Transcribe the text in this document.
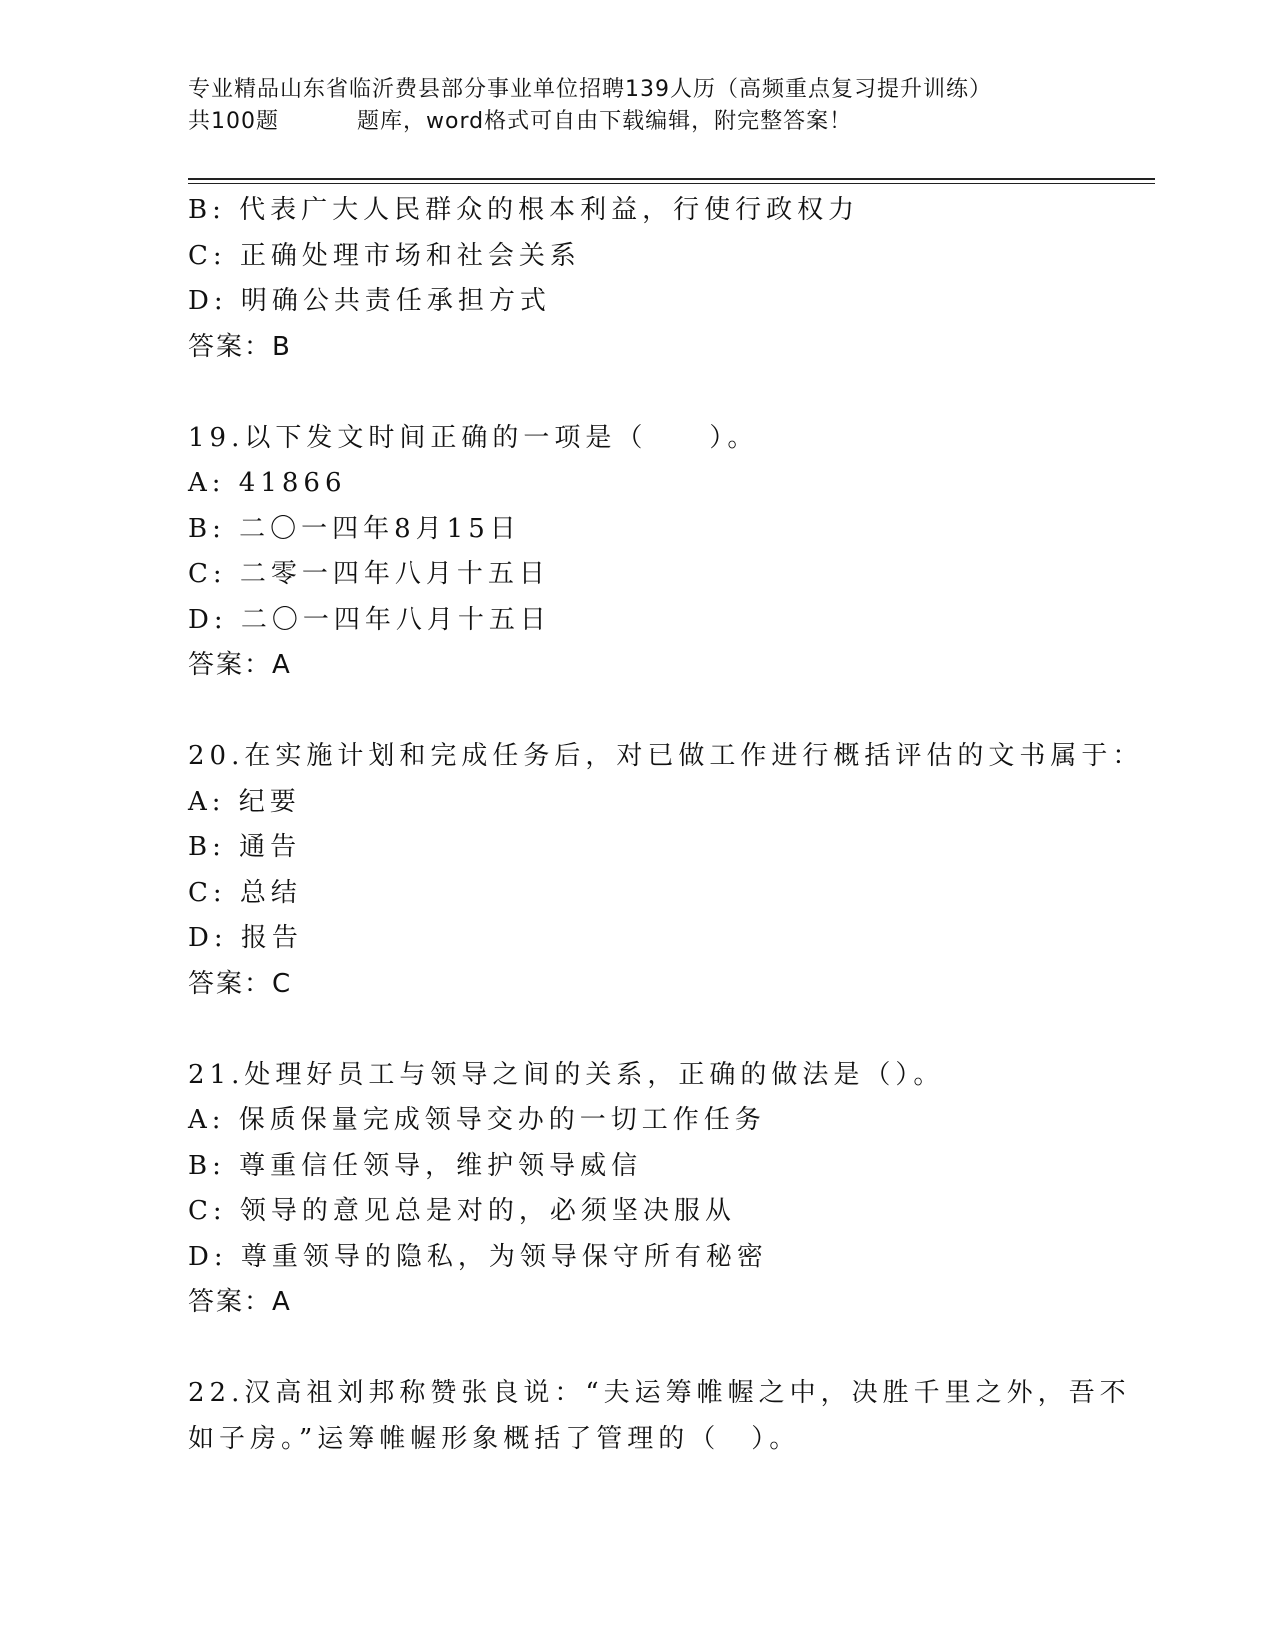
专业精品山东省临沂费县部分事业单位招聘139人历（高频重点复习提升训练）
共100题	题库，word格式可自由下载编辑，附完整答案！
B: 代表广大人民群众的根本利益，行使行政权力
C: 正确处理市场和社会关系
D: 明确公共责任承担方式
答案：B
19.以下发文时间正确的一项是（　　）。
A: 41866
B: 二〇一四年8月15日
C: 二零一四年八月十五日
D: 二〇一四年八月十五日
答案：A
20.在实施计划和完成任务后，对已做工作进行概括评估的文书属于：
A: 纪要
B: 通告
C: 总结
D: 报告
答案：C
21.处理好员工与领导之间的关系，正确的做法是（）。
A: 保质保量完成领导交办的一切工作任务
B: 尊重信任领导，维护领导威信
C: 领导的意见总是对的，必须坚决服从
D: 尊重领导的隐私，为领导保守所有秘密
答案：A
22.汉高祖刘邦称赞张良说：“夫运筹帷幄之中，决胜千里之外，吾不
如子房。”运筹帷幄形象概括了管理的（　）。
